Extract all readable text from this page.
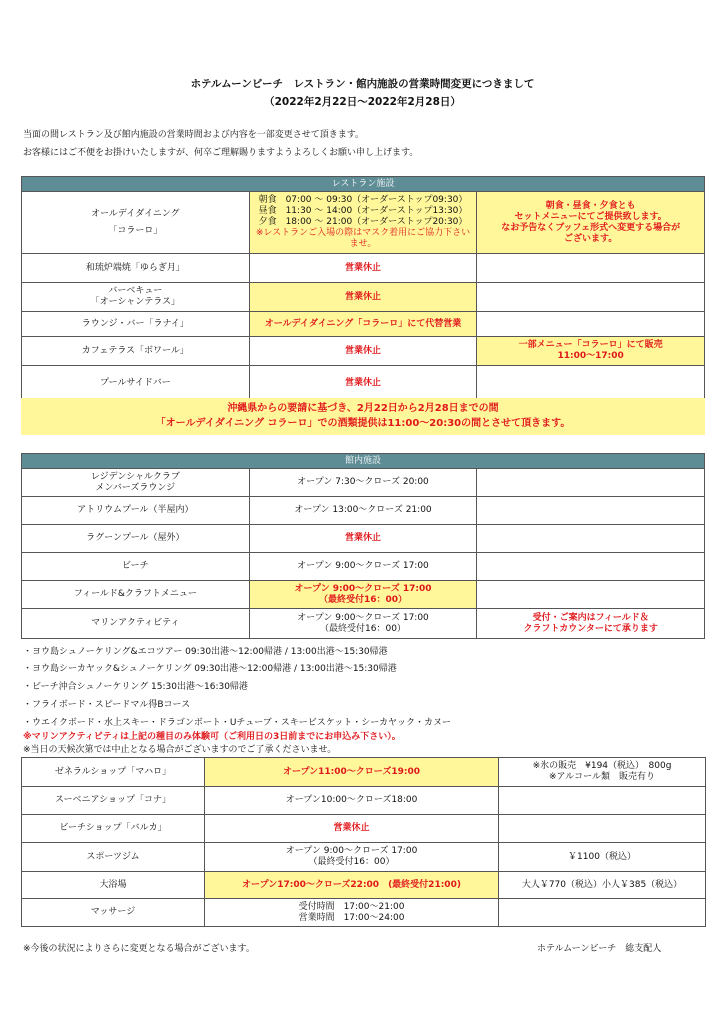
ホテルムーンビーチ　レストラン・館内施設の営業時間変更につきまして
（2022年2月22日～2022年2月28日）
当面の間レストラン及び館内施設の営業時間および内容を一部変更させて頂きます。
お客様にはご不便をお掛けいたしますが、何卒ご理解賜りますようよろしくお願い申し上げます。
レストラン施設		

オールデイダイニング
「コラーロ」	朝食　07:00 ～ 09:30（オーダーストップ09:30）
昼食　11:30 ～ 14:00（オーダーストップ13:30）
夕食　18:00 ～ 21:00（オーダーストップ20:30）
※レストランご入場の際はマスク着用にご協力下さいませ。	朝食・昼食・夕食とも
セットメニューにてご提供致します。
なお予告なくブッフェ形式へ変更する場合が
ございます。

和琉炉端焼「ゆらぎ月」	営業休止	

バーベキュー
「オーシャンテラス」	営業休止	
ラウンジ・バー「ラナイ」	オールデイダイニング「コラーロ」にて代替営業	
カフェテラス「ボワール」	営業休止	一部メニュー「コラーロ」にて販売
11:00～17:00

プールサイドバー	営業休止	
沖縄県からの要請に基づき、2月22日から2月28日までの間
「オールデイダイニング コラーロ」での酒類提供は11:00～20:30の間とさせて頂きます。
館内施設		

レジデンシャルクラブ
メンバーズラウンジ	オープン 7:30～クローズ 20:00	
アトリウムプール（半屋内）	オープン 13:00～クローズ 21:00	
ラグーンプール（屋外）	営業休止	
ビーチ	オープン 9:00～クローズ 17:00	
フィールド&クラフトメニュー	オープン 9:00～クローズ 17:00
（最終受付16：00）	

マリンアクティビティ	オープン 9:00～クローズ 17:00
（最終受付16：00）	受付・ご案内はフィールド＆
クラフトカウンターにて承ります
・ヨウ島シュノーケリング&エコツアー 09:30出港～12:00帰港 / 13:00出港～15:30帰港
・ヨウ島シーカヤック&シュノーケリング 09:30出港～12:00帰港 / 13:00出港～15:30帰港
・ビーチ沖合シュノーケリング 15:30出港～16:30帰港
・フライボード・スピードマル得Bコース
・ウエイクボード・水上スキー・ドラゴンボート・Uチューブ・スキービスケット・シーカヤック・カヌー
※マリンアクティビティは上記の種目のみ体験可（ご利用日の3日前までにお申込み下さい）。
※当日の天候次第では中止となる場合がございますのでご了承くださいませ。
ゼネラルショップ「マハロ」	オープン11:00～クローズ19:00	※氷の販売　¥194（税込）　800g
※アルコール類　販売有り

スーベニアショップ「コナ」	オープン10:00～クローズ18:00	
ビーチショップ「バルカ」	営業休止	
スポーツジム	オープン 9:00～クローズ 17:00
（最終受付16：00）	￥1100（税込）
大浴場	オープン17:00～クローズ22:00　(最終受付21:00)	大人￥770（税込）小人￥385（税込）
マッサージ	受付時間　17:00～21:00
営業時間　17:00～24:00	

※今後の状況によりさらに変更となる場合がございます。	ホテルムーンビーチ　総支配人
